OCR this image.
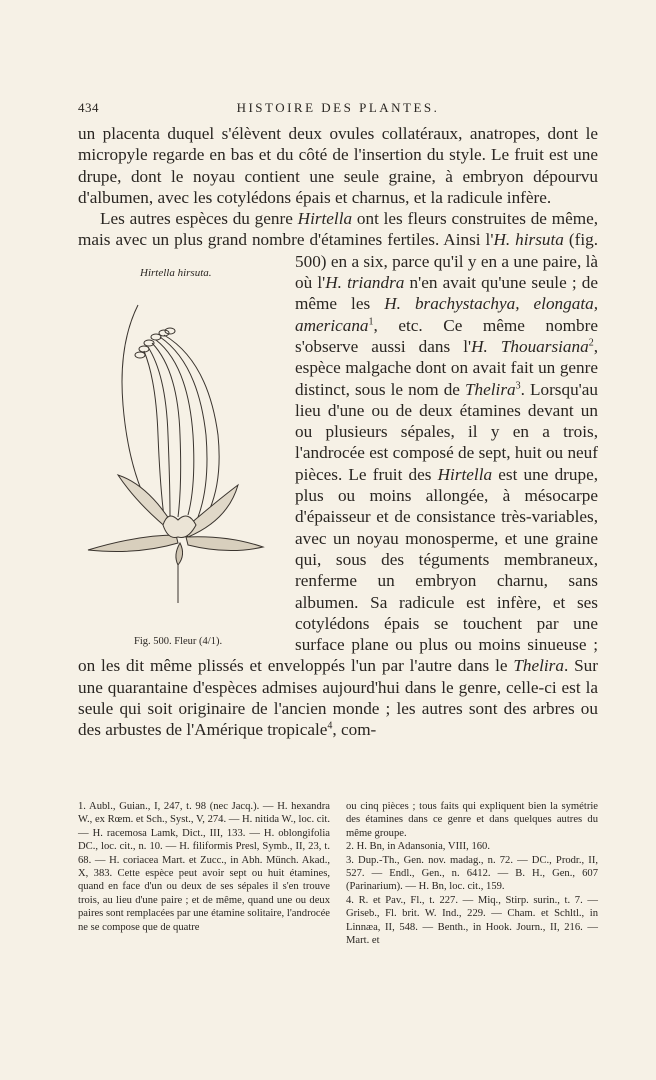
434	HISTOIRE DES PLANTES.

un placenta duquel s'élèvent deux ovules collatéraux, anatropes, dont le micropyle regarde en bas et du côté de l'insertion du style. Le fruit est une drupe, dont le noyau contient une seule graine, à embryon dépourvu d'albumen, avec les cotylédons épais et charnus, et la radicule infère.

Les autres espèces du genre Hirtella ont les fleurs construites de même, mais avec un plus grand nombre d'étamines fertiles. Ainsi l'
Hirtella hirsuta.
Fig. 500. Fleur (4/1).
H. hirsuta (fig. 500) en a six, parce qu'il y en a une paire, là où l'H. triandra n'en avait qu'une seule ; de même les H. brachystachya, elongata, americana$^1$, etc. Ce même nombre s'observe aussi dans l'H. Thouarsiana$^2$, espèce malgache dont on avait fait un genre distinct, sous le nom de Thelira$^3$. Lorsqu'au lieu d'une ou de deux étamines devant un ou plusieurs sépales, il y en a trois, l'androcée est composé de sept, huit ou neuf pièces. Le fruit des Hirtella est une drupe, plus ou moins allongée, à mésocarpe d'épaisseur et de consistance très-variables, avec un noyau monosperme, et une graine qui, sous des téguments membraneux, renferme un embryon charnu, sans albumen. Sa radicule est infère, et ses cotylédons épais se touchent par une surface plane ou plus ou moins sinueuse ; on les dit même plissés et enveloppés l'un par l'autre dans le Thelira. Sur une quarantaine d'espèces admises aujourd'hui dans le genre, celle-ci est la seule qui soit originaire de l'ancien monde ; les autres sont des arbres ou des arbustes de l'Amérique tropicale$^4$, com-

1. Aubl., Guian., I, 247, t. 98 (nec Jacq.). — H. hexandra W., ex Rœm. et Sch., Syst., V, 274. — H. nitida W., loc. cit. — H. racemosa Lamk, Dict., III, 133. — H. oblongifolia DC., loc. cit., n. 10. — H. filiformis Presl, Symb., II, 23, t. 68. — H. coriacea Mart. et Zucc., in Abh. Münch. Akad., X, 383. Cette espèce peut avoir sept ou huit étamines, quand en face d'un ou deux de ses sépales il s'en trouve trois, au lieu d'une paire ; et de même, quand une ou deux paires sont remplacées par une étamine solitaire, l'androcée ne se compose que de quatre

ou cinq pièces ; tous faits qui expliquent bien la symétrie des étamines dans ce genre et dans quelques autres du même groupe.

2. H. Bn, in Adansonia, VIII, 160.

3. Dup.-Th., Gen. nov. madag., n. 72. — DC., Prodr., II, 527. — Endl., Gen., n. 6412. — B. H., Gen., 607 (Parinarium). — H. Bn, loc. cit., 159.

4. R. et Pav., Fl., t. 227. — Miq., Stirp. surin., t. 7. — Griseb., Fl. brit. W. Ind., 229. — Cham. et Schltl., in Linnæa, II, 548. — Benth., in Hook. Journ., II, 216. — Mart. et
